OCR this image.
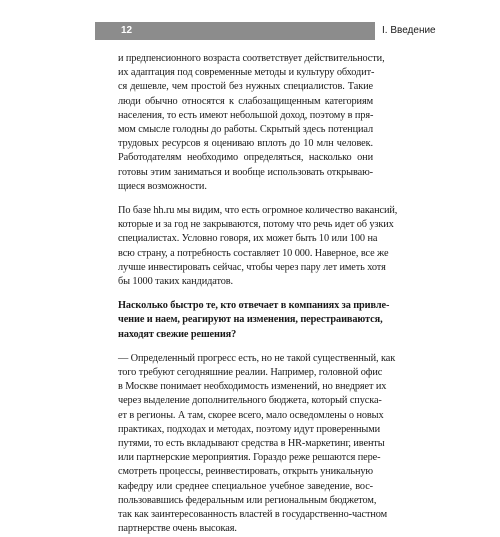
12	I. Введение

и предпенсионного возраста соответствует действительности,
их адаптация под современные методы и культуру обходит-
ся дешевле, чем простой без нужных специалистов. Такие
люди обычно относятся к слабозащищенным категориям
населения, то есть имеют небольшой доход, поэтому в пря-
мом смысле голодны до работы. Скрытый здесь потенциал
трудовых ресурсов я оцениваю вплоть до 10 млн человек.
Работодателям необходимо определяться, насколько они
готовы этим заниматься и вообще использовать открываю-
щиеся возможности.

По базе hh.ru мы видим, что есть огромное количество вакансий,
которые и за год не закрываются, потому что речь идет об узких
специалистах. Условно говоря, их может быть 10 или 100 на
всю страну, а потребность составляет 10 000. Наверное, все же
лучше инвестировать сейчас, чтобы через пару лет иметь хотя
бы 1000 таких кандидатов.

Насколько быстро те, кто отвечает в компаниях за привле-
чение и наем, реагируют на изменения, перестраиваются,
находят свежие решения?

— Определенный прогресс есть, но не такой существенный, как
того требуют сегодняшние реалии. Например, головной офис
в Москве понимает необходимость изменений, но внедряет их
через выделение дополнительного бюджета, который спуска-
ет в регионы. А там, скорее всего, мало осведомлены о новых
практиках, подходах и методах, поэтому идут проверенными
путями, то есть вкладывают средства в HR-маркетинг, ивенты
или партнерские мероприятия. Гораздо реже решаются пере-
смотреть процессы, реинвестировать, открыть уникальную
кафедру или среднее специальное учебное заведение, вос-
пользовавшись федеральным или региональным бюджетом,
так как заинтересованность властей в государственно-частном
партнерстве очень высокая.
